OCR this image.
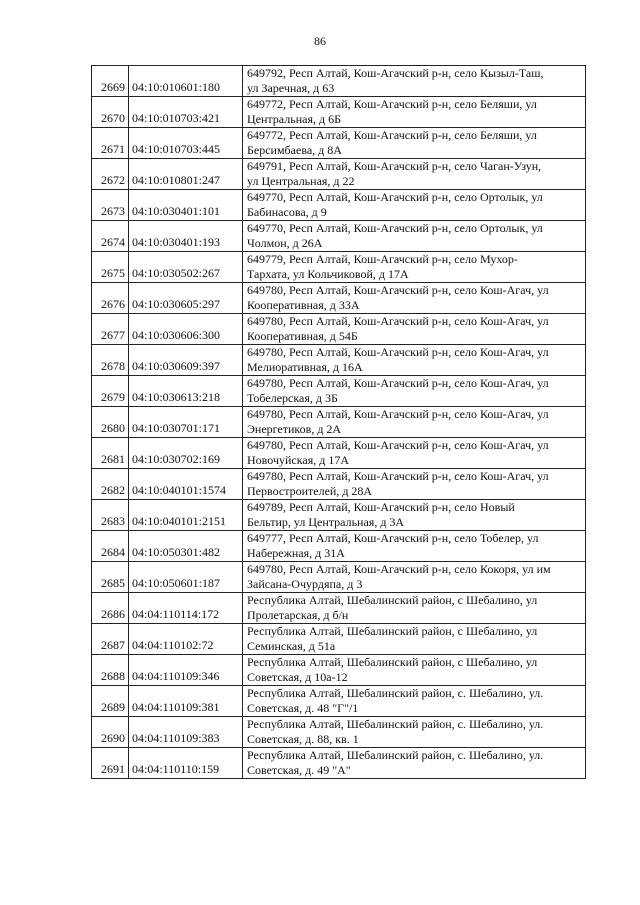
86
2669	04:10:010601:180	649792, Респ Алтай, Кош-Агачский р-н, село Кызыл-Таш,
ул Заречная, д 63
2670	04:10:010703:421	649772, Респ Алтай, Кош-Агачский р-н, село Беляши, ул
Центральная, д 6Б
2671	04:10:010703:445	649772, Респ Алтай, Кош-Агачский р-н, село Беляши, ул
Берсимбаева, д 8А
2672	04:10:010801:247	649791, Респ Алтай, Кош-Агачский р-н, село Чаган-Узун,
ул Центральная, д 22
2673	04:10:030401:101	649770, Респ Алтай, Кош-Агачский р-н, село Ортолык, ул
Бабинасова, д 9
2674	04:10:030401:193	649770, Респ Алтай, Кош-Агачский р-н, село Ортолык, ул
Чолмон, д 26А
2675	04:10:030502:267	649779, Респ Алтай, Кош-Агачский р-н, село Мухор-
Тархата, ул Кольчиковой, д 17А
2676	04:10:030605:297	649780, Респ Алтай, Кош-Агачский р-н, село Кош-Агач, ул
Кооперативная, д 33А
2677	04:10:030606:300	649780, Респ Алтай, Кош-Агачский р-н, село Кош-Агач, ул
Кооперативная, д 54Б
2678	04:10:030609:397	649780, Респ Алтай, Кош-Агачский р-н, село Кош-Агач, ул
Мелиоративная, д 16А
2679	04:10:030613:218	649780, Респ Алтай, Кош-Агачский р-н, село Кош-Агач, ул
Тобелерская, д 3Б
2680	04:10:030701:171	649780, Респ Алтай, Кош-Агачский р-н, село Кош-Агач, ул
Энергетиков, д 2А
2681	04:10:030702:169	649780, Респ Алтай, Кош-Агачский р-н, село Кош-Агач, ул
Новочуйская, д 17А
2682	04:10:040101:1574	649780, Респ Алтай, Кош-Агачский р-н, село Кош-Агач, ул
Первостроителей, д 28А
2683	04:10:040101:2151	649789, Респ Алтай, Кош-Агачский р-н, село Новый
Бельтир, ул Центральная, д 3А
2684	04:10:050301:482	649777, Респ Алтай, Кош-Агачский р-н, село Тобелер, ул
Набережная, д 31А
2685	04:10:050601:187	649780, Респ Алтай, Кош-Агачский р-н, село Кокоря, ул им
Зайсана-Очурдяпа, д 3
2686	04:04:110114:172	Республика Алтай, Шебалинский район, с Шебалино, ул
Пролетарская, д б/н
2687	04:04:110102:72	Республика Алтай, Шебалинский район, с Шебалино, ул
Семинская, д 51а
2688	04:04:110109:346	Республика Алтай, Шебалинский район, с Шебалино, ул
Советская, д 10а-12
2689	04:04:110109:381	Республика Алтай, Шебалинский район, с. Шебалино, ул.
Советская, д. 48 "Г"/1
2690	04:04:110109:383	Республика Алтай, Шебалинский район, с. Шебалино, ул.
Советская, д. 88, кв. 1
2691	04:04:110110:159	Республика Алтай, Шебалинский район, с. Шебалино, ул.
Советская, д. 49 "А"
